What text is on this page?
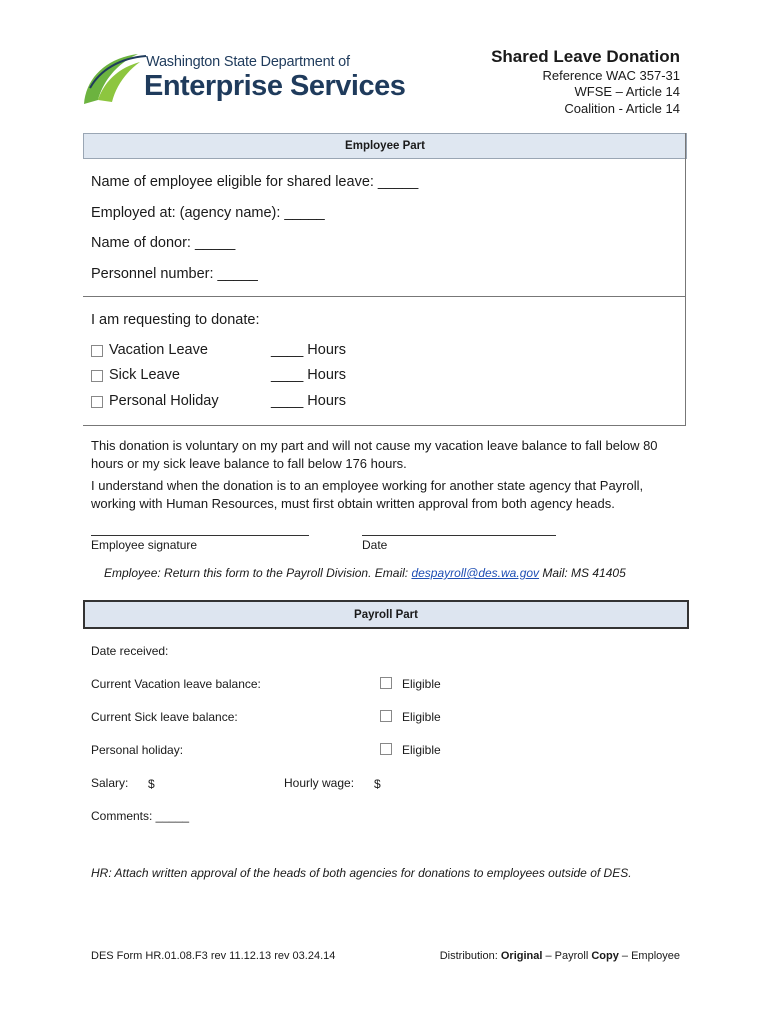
Washington State Department of
Enterprise Services
Shared Leave Donation
Reference WAC 357-31
WFSE – Article 14
Coalition - Article 14
Employee Part
Name of employee eligible for shared leave: _____
Employed at: (agency name): _____
Name of donor: _____
Personnel number: _____
I am requesting to donate:
Vacation Leave	____ Hours
Sick Leave	____ Hours
Personal Holiday	____ Hours
This donation is voluntary on my part and will not cause my vacation leave balance to fall below 80 hours or my sick leave balance to fall below 176 hours.
I understand when the donation is to an employee working for another state agency that Payroll, working with Human Resources, must first obtain written approval from both agency heads.
Employee signature	Date
Employee: Return this form to the Payroll Division. Email: despayroll@des.wa.gov Mail: MS 41405
Payroll Part
Date received:
Current Vacation leave balance:	Eligible
Current Sick leave balance:	Eligible
Personal holiday:	Eligible
Salary: $	Hourly wage: $
Comments: _____
HR: Attach written approval of the heads of both agencies for donations to employees outside of DES.
DES Form HR.01.08.F3 rev 11.12.13 rev 03.24.14	Distribution: Original – Payroll Copy – Employee
